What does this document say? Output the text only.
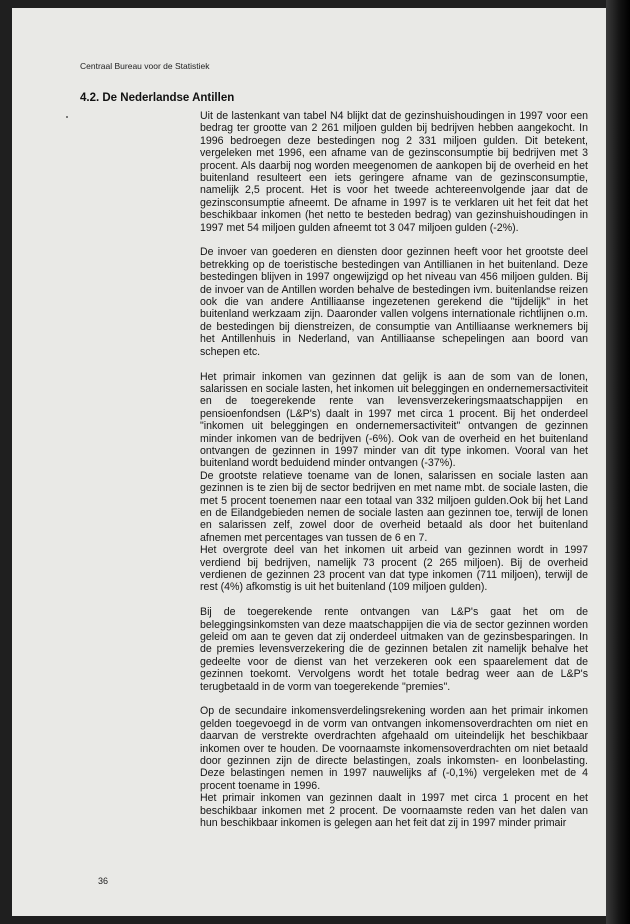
Centraal Bureau voor de Statistiek
4.2. De Nederlandse Antillen

Uit de lastenkant van tabel N4 blijkt dat de gezinshuishoudingen in 1997 voor een bedrag ter grootte van 2 261 miljoen gulden bij bedrijven hebben aangekocht. In 1996 bedroegen deze bestedingen nog 2 331 miljoen gulden. Dit betekent, vergeleken met 1996, een afname van de gezinsconsumptie bij bedrijven met 3 procent. Als daarbij nog worden meegenomen de aankopen bij de overheid en het buitenland resulteert een iets geringere afname van de gezinsconsumptie, namelijk 2,5 procent. Het is voor het tweede achtereenvolgende jaar dat de gezinsconsumptie afneemt. De afname in 1997 is te verklaren uit het feit dat het beschikbaar inkomen (het netto te besteden bedrag) van gezinshuishoudingen in 1997 met 54 miljoen gulden afneemt tot 3 047 miljoen gulden (-2%).

De invoer van goederen en diensten door gezinnen heeft voor het grootste deel betrekking op de toeristische bestedingen van Antillianen in het buitenland. Deze bestedingen blijven in 1997 ongewijzigd op het niveau van 456 miljoen gulden. Bij de invoer van de Antillen worden behalve de bestedingen ivm. buitenlandse reizen ook die van andere Antilliaanse ingezetenen gerekend die "tijdelijk" in het buitenland werkzaam zijn. Daaronder vallen volgens internationale richtlijnen o.m. de bestedingen bij dienstreizen, de consumptie van Antilliaanse werknemers bij het Antillenhuis in Nederland, van Antilliaanse schepelingen aan boord van schepen etc.

Het primair inkomen van gezinnen dat gelijk is aan de som van de lonen, salarissen en sociale lasten, het inkomen uit beleggingen en ondernemersactiviteit en de toegerekende rente van levensverzekeringsmaatschappijen en pensioenfondsen (L&P's) daalt in 1997 met circa 1 procent. Bij het onderdeel "inkomen uit beleggingen en ondernemersactiviteit" ontvangen de gezinnen minder inkomen van de bedrijven (-6%). Ook van de overheid en het buitenland ontvangen de gezinnen in 1997 minder van dit type inkomen. Vooral van het buitenland wordt beduidend minder ontvangen (-37%).

De grootste relatieve toename van de lonen, salarissen en sociale lasten aan gezinnen is te zien bij de sector bedrijven en met name mbt. de sociale lasten, die met 5 procent toenemen naar een totaal van 332 miljoen gulden.Ook bij het Land en de Eilandgebieden nemen de sociale lasten aan gezinnen toe, terwijl de lonen en salarissen zelf, zowel door de overheid betaald als door het buitenland afnemen met percentages van tussen de 6 en 7.

Het overgrote deel van het inkomen uit arbeid van gezinnen wordt in 1997 verdiend bij bedrijven, namelijk 73 procent (2 265 miljoen). Bij de overheid verdienen de gezinnen 23 procent van dat type inkomen (711 miljoen), terwijl de rest (4%) afkomstig is uit het buitenland (109 miljoen gulden).

Bij de toegerekende rente ontvangen van L&P's gaat het om de beleggingsinkomsten van deze maatschappijen die via de sector gezinnen worden geleid om aan te geven dat zij onderdeel uitmaken van de gezinsbesparingen. In de premies levensverzekering die de gezinnen betalen zit namelijk behalve het gedeelte voor de dienst van het verzekeren ook een spaarelement dat de gezinnen toekomt. Vervolgens wordt het totale bedrag weer aan de L&P's terugbetaald in de vorm van toegerekende "premies".

Op de secundaire inkomensverdelingsrekening worden aan het primair inkomen gelden toegevoegd in de vorm van ontvangen inkomensoverdrachten om niet en daarvan de verstrekte overdrachten afgehaald om uiteindelijk het beschikbaar inkomen over te houden. De voornaamste inkomensoverdrachten om niet betaald door gezinnen zijn de directe belastingen, zoals inkomsten- en loonbelasting. Deze belastingen nemen in 1997 nauwelijks af (-0,1%) vergeleken met de 4 procent toename in 1996.

Het primair inkomen van gezinnen daalt in 1997 met circa 1 procent en het beschikbaar inkomen met 2 procent. De voornaamste reden van het dalen van hun beschikbaar inkomen is gelegen aan het feit dat zij in 1997 minder primair

36
